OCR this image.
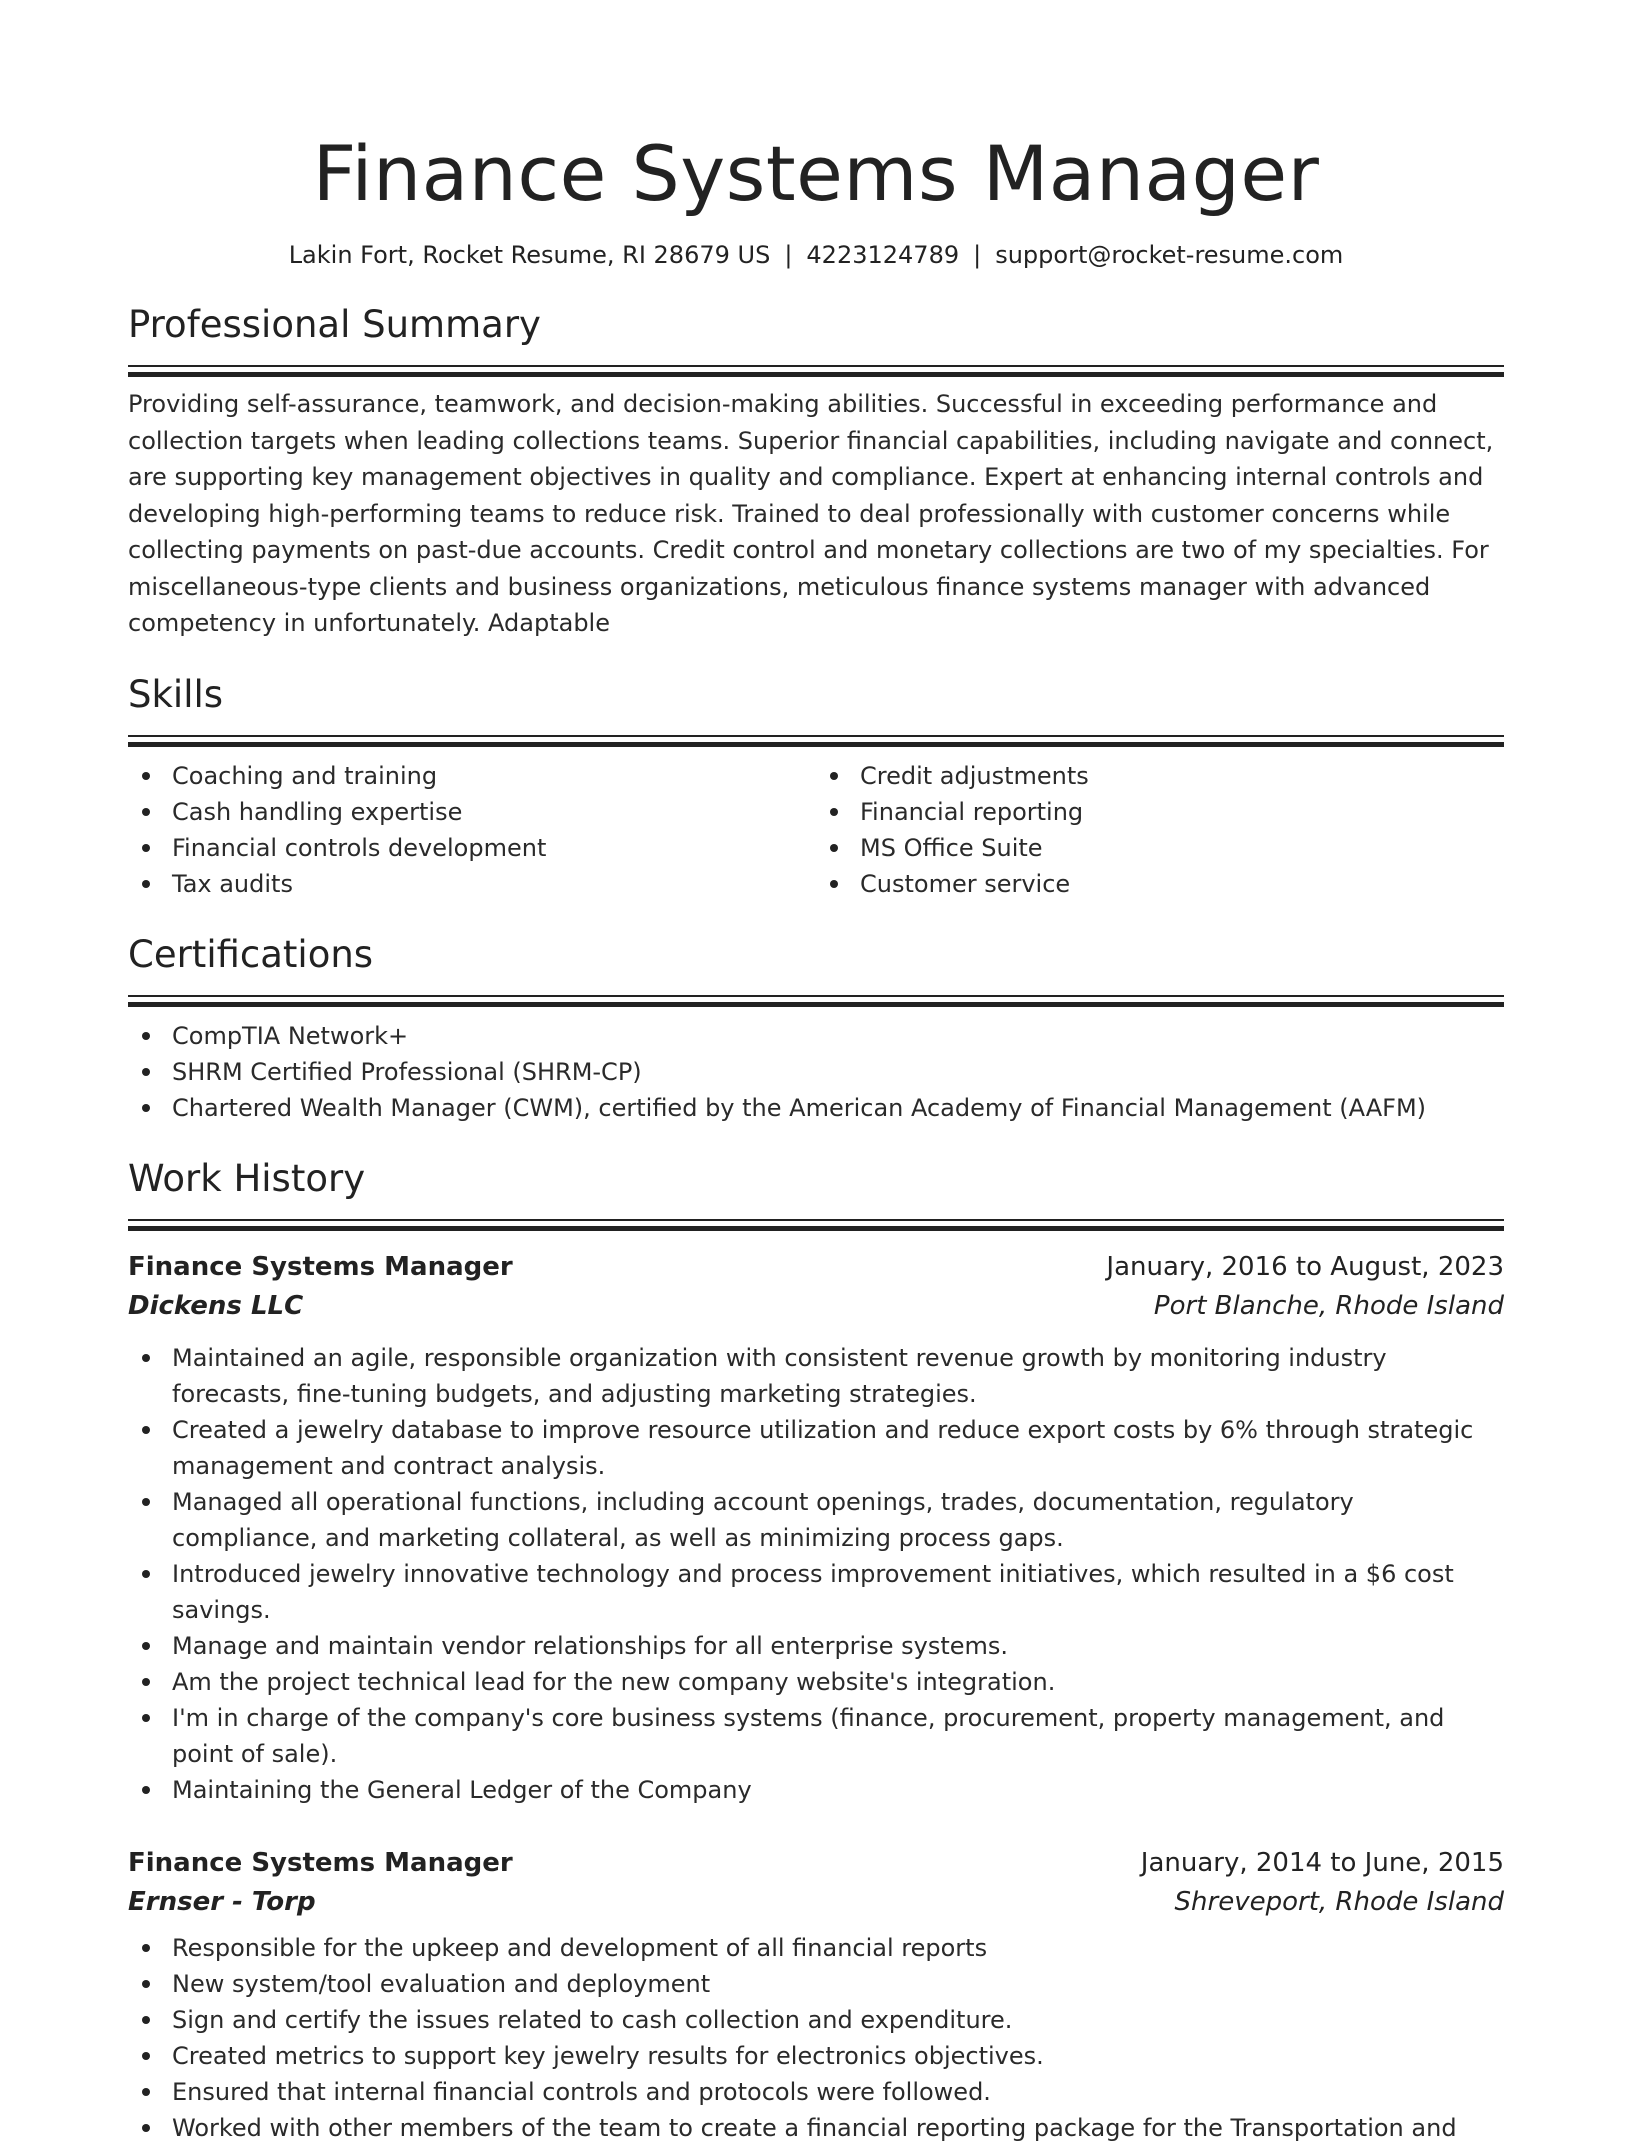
Finance Systems Manager
Lakin Fort, Rocket Resume, RI 28679 US | 4223124789 | support@rocket-resume.com
Professional Summary
Providing self-assurance, teamwork, and decision-making abilities. Successful in exceeding performance and collection targets when leading collections teams. Superior financial capabilities, including navigate and connect, are supporting key management objectives in quality and compliance. Expert at enhancing internal controls and developing high-performing teams to reduce risk. Trained to deal professionally with customer concerns while collecting payments on past-due accounts. Credit control and monetary collections are two of my specialties. For miscellaneous-type clients and business organizations, meticulous finance systems manager with advanced competency in unfortunately. Adaptable
Skills
Coaching and training
Cash handling expertise
Financial controls development
Tax audits
Credit adjustments
Financial reporting
MS Office Suite
Customer service
Certifications
CompTIA Network+
SHRM Certified Professional (SHRM-CP)
Chartered Wealth Manager (CWM), certified by the American Academy of Financial Management (AAFM)
Work History
Finance Systems Manager	January, 2016 to August, 2023
Dickens LLC	Port Blanche, Rhode Island
Maintained an agile, responsible organization with consistent revenue growth by monitoring industry forecasts, fine-tuning budgets, and adjusting marketing strategies.
Created a jewelry database to improve resource utilization and reduce export costs by 6% through strategic management and contract analysis.
Managed all operational functions, including account openings, trades, documentation, regulatory compliance, and marketing collateral, as well as minimizing process gaps.
Introduced jewelry innovative technology and process improvement initiatives, which resulted in a $6 cost savings.
Manage and maintain vendor relationships for all enterprise systems.
Am the project technical lead for the new company website's integration.
I'm in charge of the company's core business systems (finance, procurement, property management, and point of sale).
Maintaining the General Ledger of the Company
Finance Systems Manager	January, 2014 to June, 2015
Ernser - Torp	Shreveport, Rhode Island
Responsible for the upkeep and development of all financial reports
New system/tool evaluation and deployment
Sign and certify the issues related to cash collection and expenditure.
Created metrics to support key jewelry results for electronics objectives.
Ensured that internal financial controls and protocols were followed.
Worked with other members of the team to create a financial reporting package for the Transportation and
